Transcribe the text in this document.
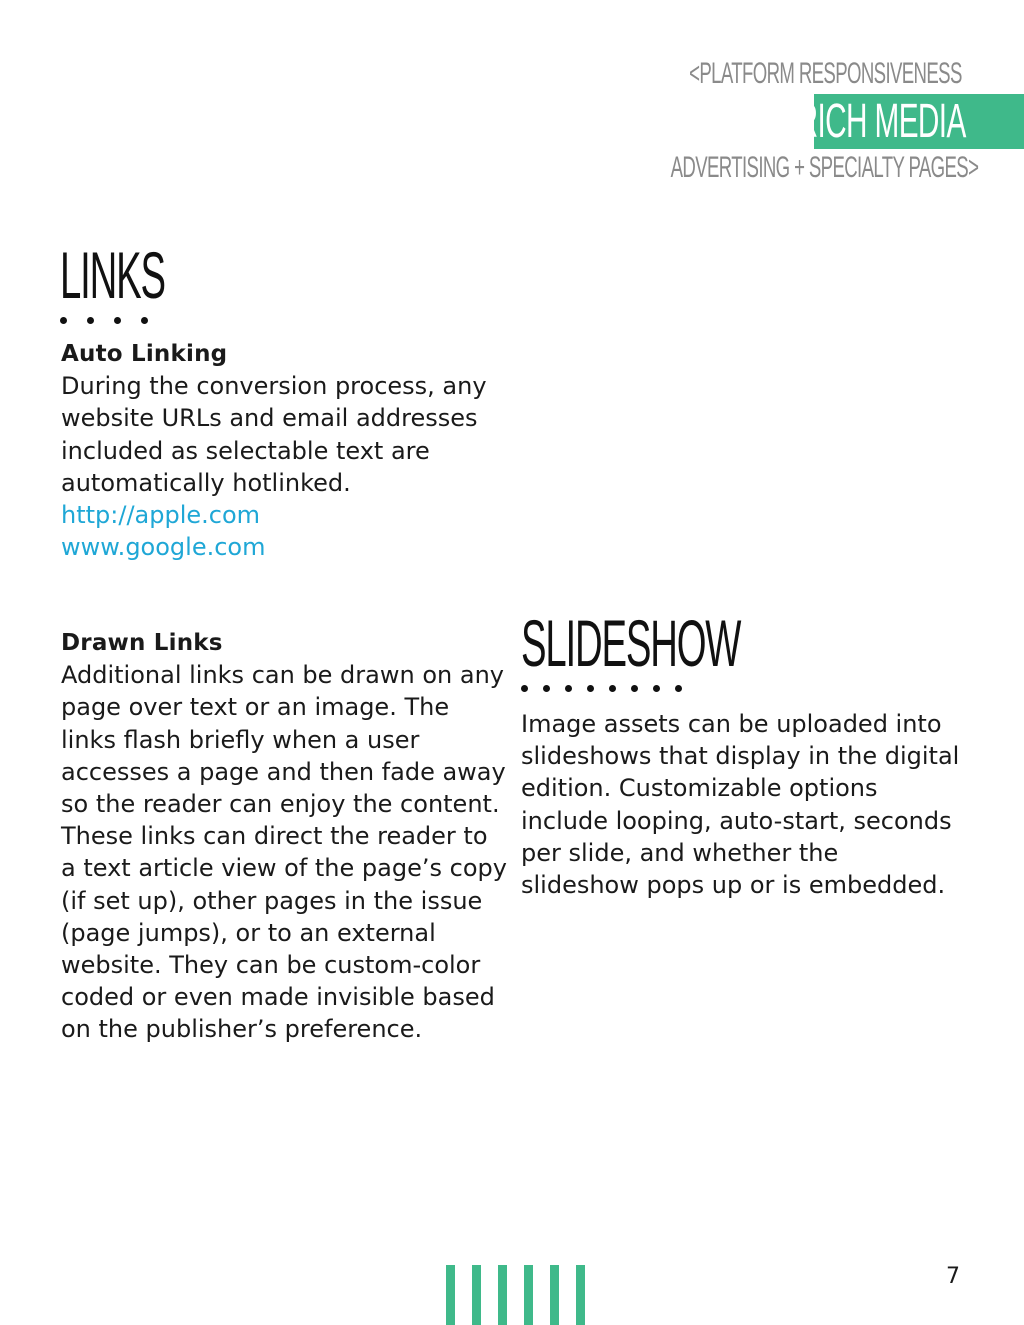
<PLATFORM RESPONSIVENESS
RICH MEDIA
ADVERTISING + SPECIALTY PAGES>
LINKS
Auto Linking
During the conversion process, any website URLs and email addresses included as selectable text are automatically hotlinked.
http://apple.com
www.google.com
Drawn Links
Additional links can be drawn on any page over text or an image. The links flash briefly when a user accesses a page and then fade away so the reader can enjoy the content. These links can direct the reader to a text article view of the page’s copy (if set up), other pages in the issue (page jumps), or to an external website. They can be custom-color coded or even made invisible based on the publisher’s preference.
SLIDESHOW
Image assets can be uploaded into slideshows that display in the digital edition. Customizable options include looping, auto-start, seconds per slide, and whether the slideshow pops up or is embedded.
7
